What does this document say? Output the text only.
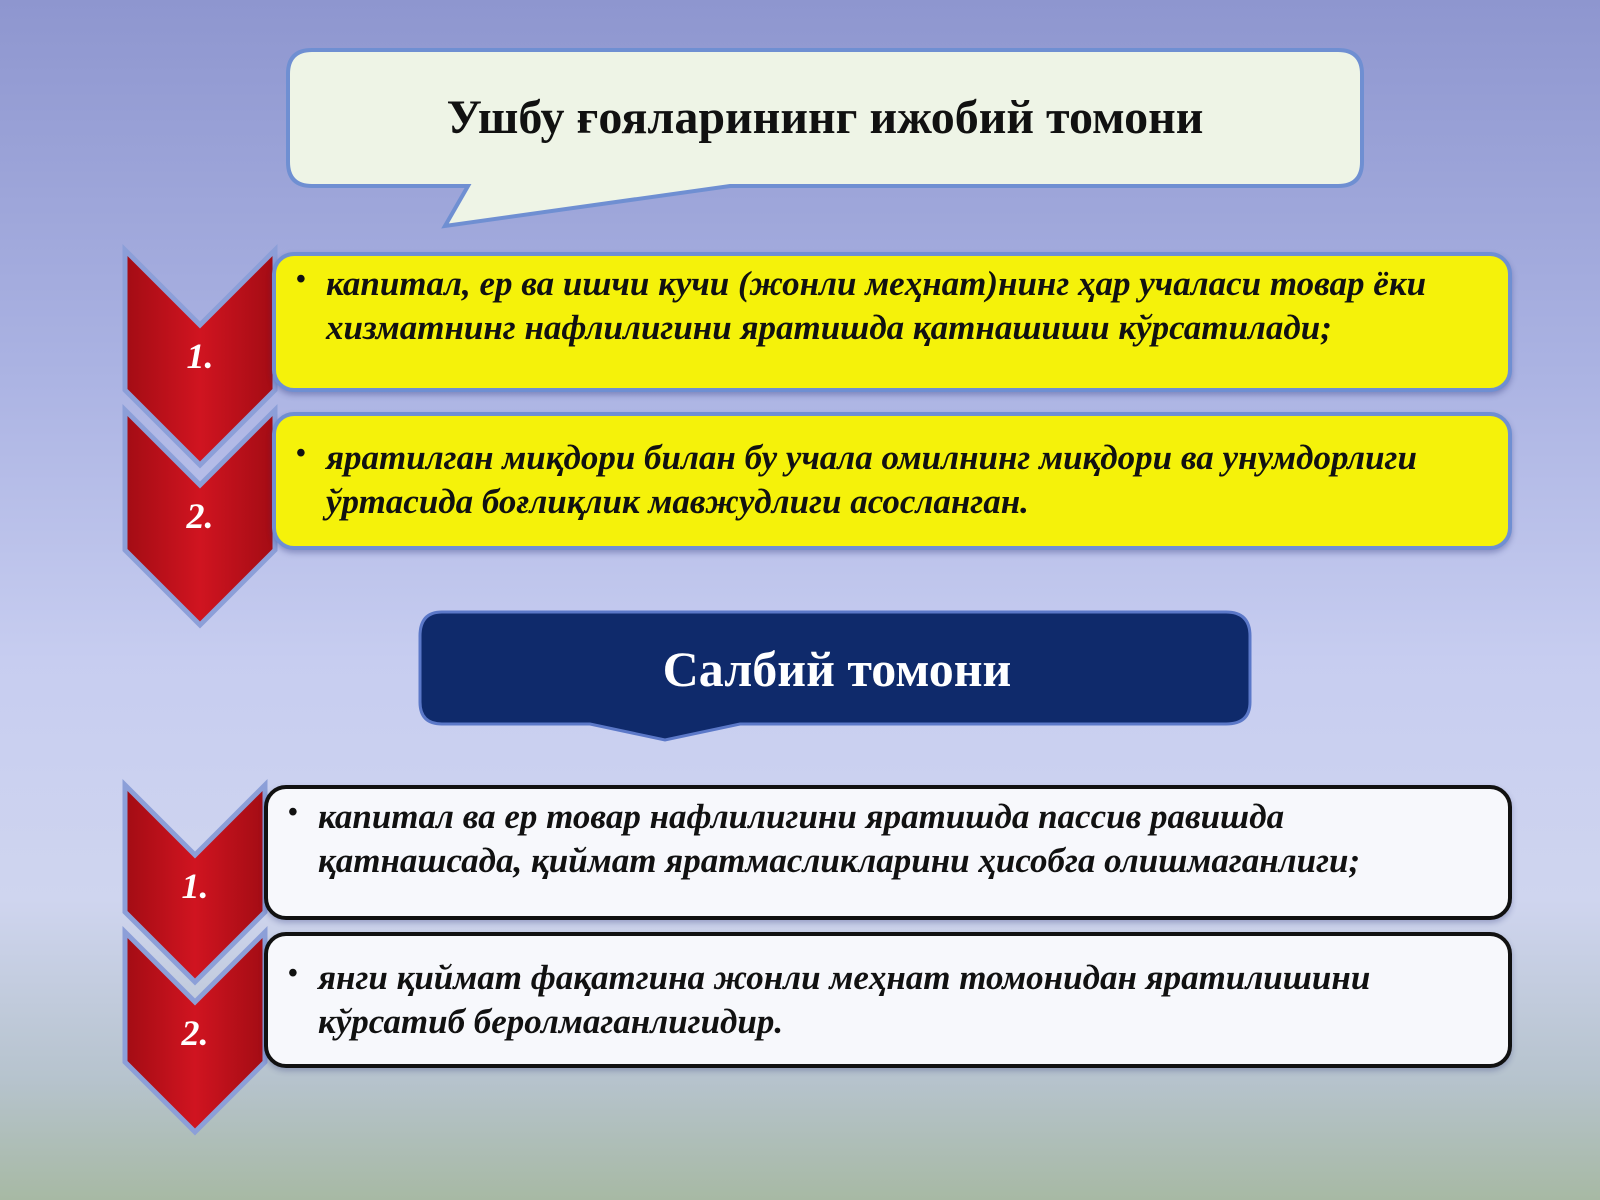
Ушбу ғояларининг ижобий томони
Салбий томони
1.
2.
1.
2.

• капитал, ер ва ишчи кучи (жонли меҳнат)нинг ҳар учаласи товар ёки хизматнинг нафлилигини яратишда қатнашиши кўрсатилади;

• яратилган миқдори билан бу учала омилнинг миқдори ва унумдорлиги ўртасида боғлиқлик мавжудлиги асосланган.

• капитал ва ер товар нафлилигини яратишда пассив равишда қатнашсада, қиймат яратмасликларини ҳисобга олишмаганлиги;

• янги қиймат фақатгина жонли меҳнат томонидан яратилишини кўрсатиб беролмаганлигидир.
